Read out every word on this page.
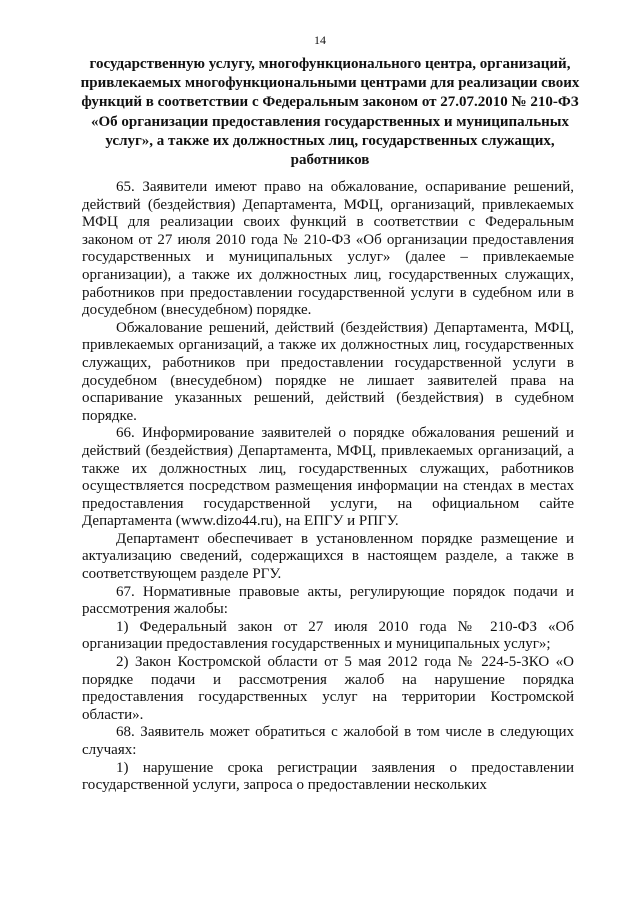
14
государственную услугу, многофункционального центра, организаций, привлекаемых многофункциональными центрами для реализации своих функций в соответствии с Федеральным законом от 27.07.2010 № 210-ФЗ «Об организации предоставления государственных и муниципальных услуг», а также их должностных лиц, государственных служащих, работников

65. Заявители имеют право на обжалование, оспаривание решений, действий (бездействия) Департамента, МФЦ, организаций, привлекаемых МФЦ для реализации своих функций в соответствии с Федеральным законом от 27 июля 2010 года № 210-ФЗ «Об организации предоставления государственных и муниципальных услуг» (далее – привлекаемые организации), а также их должностных лиц, государственных служащих, работников при предоставлении государственной услуги в судебном или в досудебном (внесудебном) порядке.

Обжалование решений, действий (бездействия) Департамента, МФЦ, привлекаемых организаций, а также их должностных лиц, государственных служащих, работников при предоставлении государственной услуги в досудебном (внесудебном) порядке не лишает заявителей права на оспаривание указанных решений, действий (бездействия) в судебном порядке.

66. Информирование заявителей о порядке обжалования решений и действий (бездействия) Департамента, МФЦ, привлекаемых организаций, а также их должностных лиц, государственных служащих, работников осуществляется посредством размещения информации на стендах в местах предоставления государственной услуги, на официальном сайте Департамента (www.dizo44.ru), на ЕПГУ и РПГУ.

Департамент обеспечивает в установленном порядке размещение и актуализацию сведений, содержащихся в настоящем разделе, а также в соответствующем разделе РГУ.

67. Нормативные правовые акты, регулирующие порядок подачи и рассмотрения жалобы:

1) Федеральный закон от 27 июля 2010 года № 210-ФЗ «Об организации предоставления государственных и муниципальных услуг»;

2) Закон Костромской области от 5 мая 2012 года № 224-5-ЗКО «О порядке подачи и рассмотрения жалоб на нарушение порядка предоставления государственных услуг на территории Костромской области».

68. Заявитель может обратиться с жалобой в том числе в следующих случаях:

1) нарушение срока регистрации заявления о предоставлении государственной услуги, запроса о предоставлении нескольких
